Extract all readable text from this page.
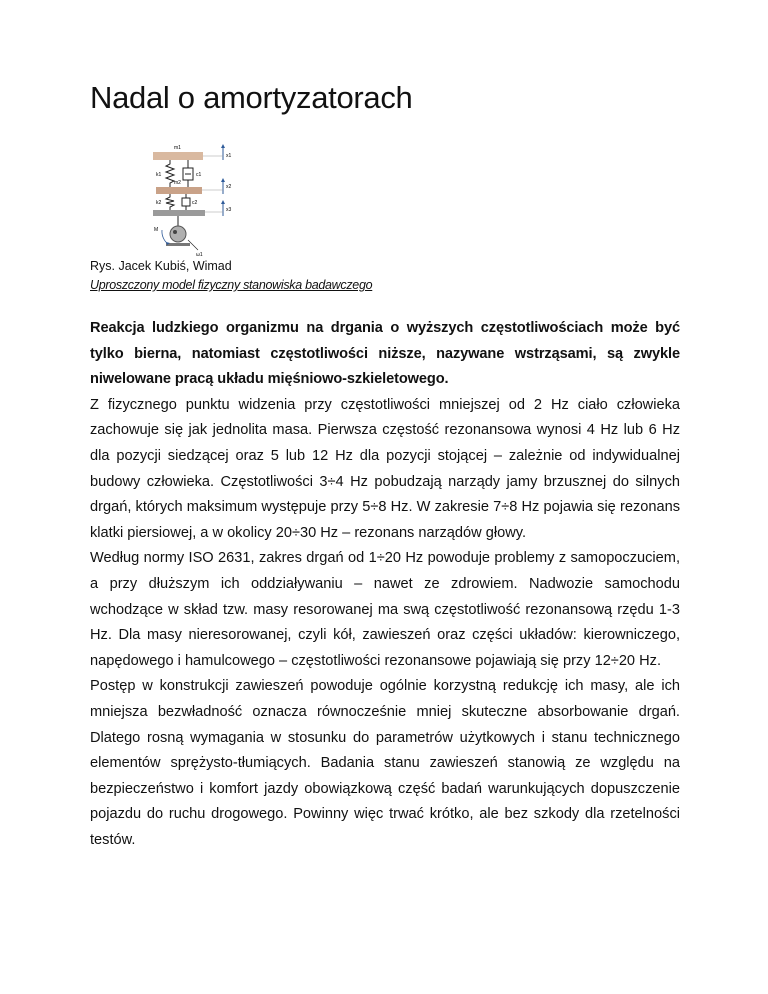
Nadal o amortyzatorach
m1
x1
k1	c1
m2
x2
k2	c2
x3
M
ω1
Rys. Jacek Kubiś, Wimad
Uproszczony model fizyczny stanowiska badawczego

Reakcja ludzkiego organizmu na drgania o wyższych częstotliwościach może być tylko bierna, natomiast częstotliwości niższe, nazywane wstrząsami, są zwykle niwelowane pracą układu mięśniowo-szkieletowego.

Z fizycznego punktu widzenia przy częstotliwości mniejszej od 2 Hz ciało człowieka zachowuje się jak jednolita masa. Pierwsza częstość rezonansowa wynosi 4 Hz lub 6 Hz dla pozycji siedzącej oraz 5 lub 12 Hz dla pozycji stojącej – zależnie od indywidualnej budowy człowieka. Częstotliwości 3÷4 Hz pobudzają narządy jamy brzusznej do silnych drgań, których maksimum występuje przy 5÷8 Hz. W zakresie 7÷8 Hz pojawia się rezonans klatki piersiowej, a w okolicy 20÷30 Hz – rezonans narządów głowy.

Według normy ISO 2631, zakres drgań od 1÷20 Hz powoduje problemy z samopoczuciem, a przy dłuższym ich oddziaływaniu – nawet ze zdrowiem. Nadwozie samochodu wchodzące w skład tzw. masy resorowanej ma swą częstotliwość rezonansową rzędu 1-3 Hz. Dla masy nieresorowanej, czyli kół, zawieszeń oraz części układów: kierowniczego, napędowego i hamulcowego – częstotliwości rezonansowe pojawiają się przy 12÷20 Hz.

Postęp w konstrukcji zawieszeń powoduje ogólnie korzystną redukcję ich masy, ale ich mniejsza bezwładność oznacza równocześnie mniej skuteczne absorbowanie drgań. Dlatego rosną wymagania w stosunku do parametrów użytkowych i stanu technicznego elementów sprężysto-tłumiących. Badania stanu zawieszeń stanowią ze względu na bezpieczeństwo i komfort jazdy obowiązkową część badań warunkujących dopuszczenie pojazdu do ruchu drogowego. Powinny więc trwać krótko, ale bez szkody dla rzetelności testów.
